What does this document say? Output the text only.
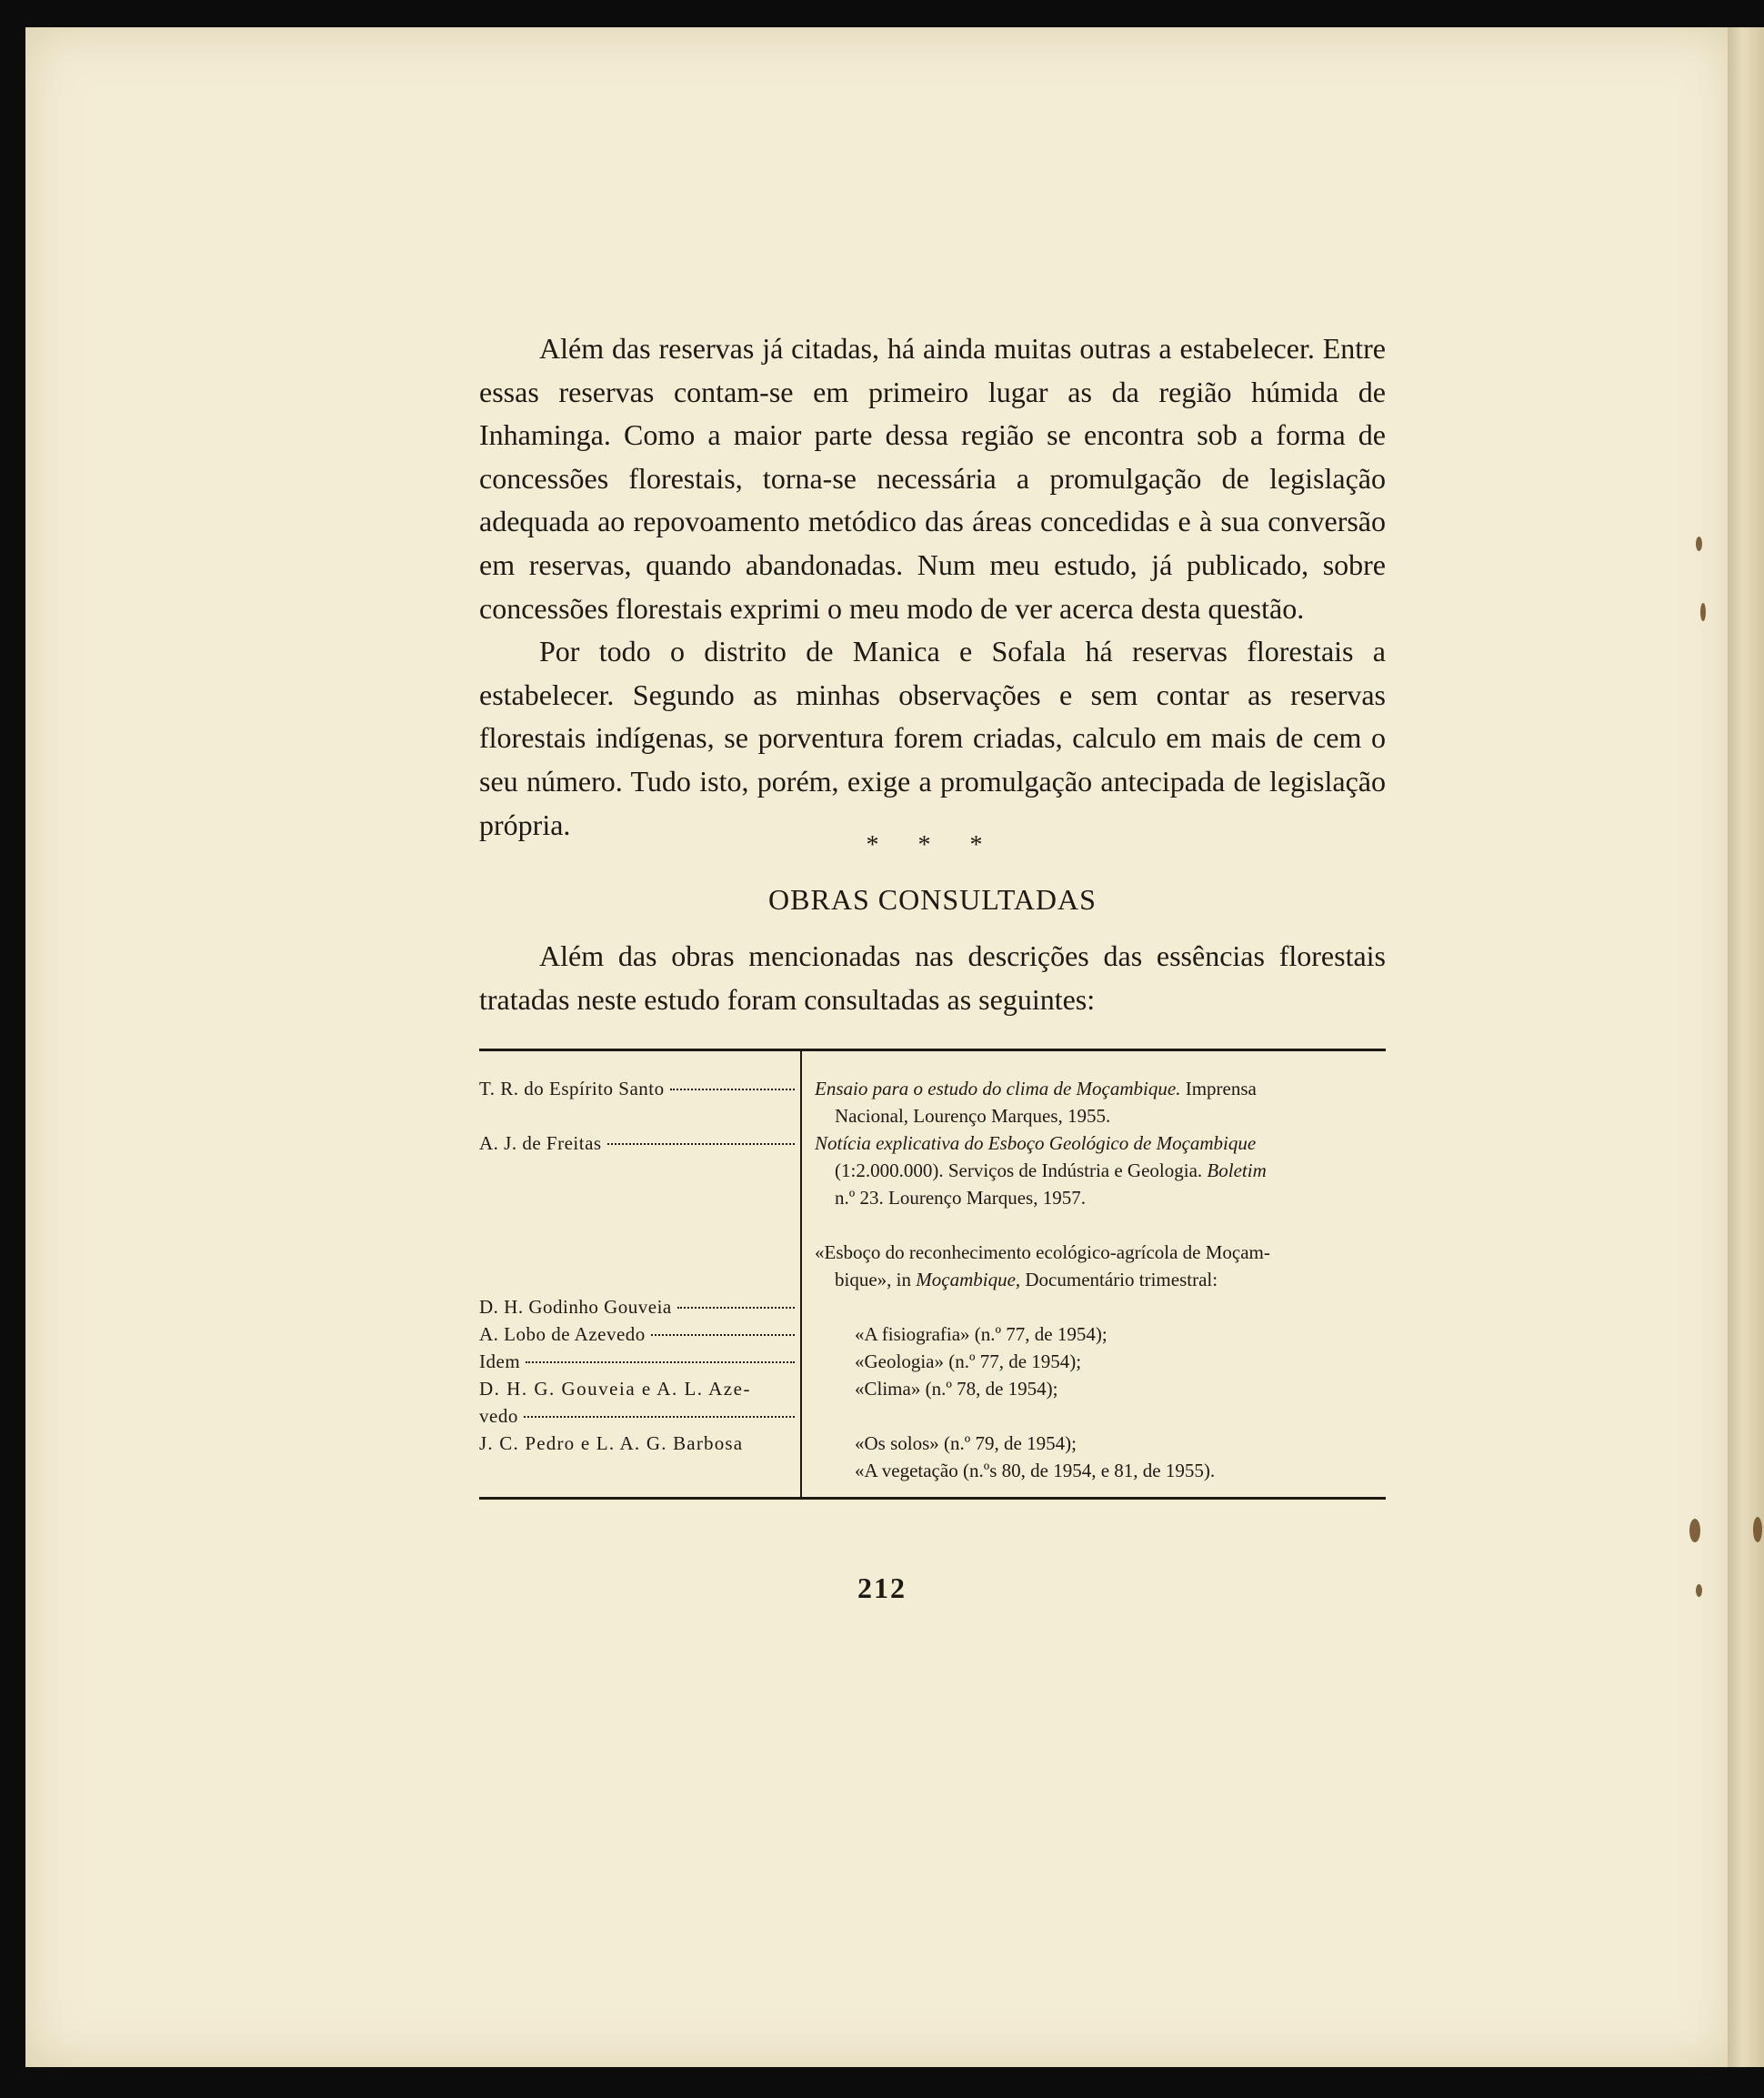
Além das reservas já citadas, há ainda muitas outras a estabelecer. Entre essas reservas contam-se em primeiro lugar as da região húmida de Inhaminga. Como a maior parte dessa região se encontra sob a forma de concessões florestais, torna-se necessária a promulgação de legislação adequada ao repovoamento metódico das áreas concedidas e à sua conversão em reservas, quando abandonadas. Num meu estudo, já publicado, sobre concessões florestais exprimi o meu modo de ver acerca desta questão.

Por todo o distrito de Manica e Sofala há reservas florestais a estabelecer. Segundo as minhas observações e sem contar as reservas florestais indígenas, se porventura forem criadas, calculo em mais de cem o seu número. Tudo isto, porém, exige a promulgação antecipada de legislação própria.

* * *

OBRAS CONSULTADAS

Além das obras mencionadas nas descrições das essências florestais tratadas neste estudo foram consultadas as seguintes:

T. R. do Espírito Santo
A. J. de Freitas
D. H. Godinho Gouveia
A. Lobo de Azevedo
Idem
D. H. G. Gouveia e A. L. Aze-
vedo
J. C. Pedro e L. A. G. Barbosa

Ensaio para o estudo do clima de Moçambique. Imprensa
Nacional, Lourenço Marques, 1955.

Notícia explicativa do Esboço Geológico de Moçambique
(1:2.000.000). Serviços de Indústria e Geologia. Boletim
n.º 23. Lourenço Marques, 1957.

«Esboço do reconhecimento ecológico-agrícola de Moçam-
bique», in Moçambique, Documentário trimestral:

«A fisiografia» (n.º 77, de 1954);
«Geologia» (n.º 77, de 1954);
«Clima» (n.º 78, de 1954);
«Os solos» (n.º 79, de 1954);
«A vegetação (n.ºs 80, de 1954, e 81, de 1955).
212
